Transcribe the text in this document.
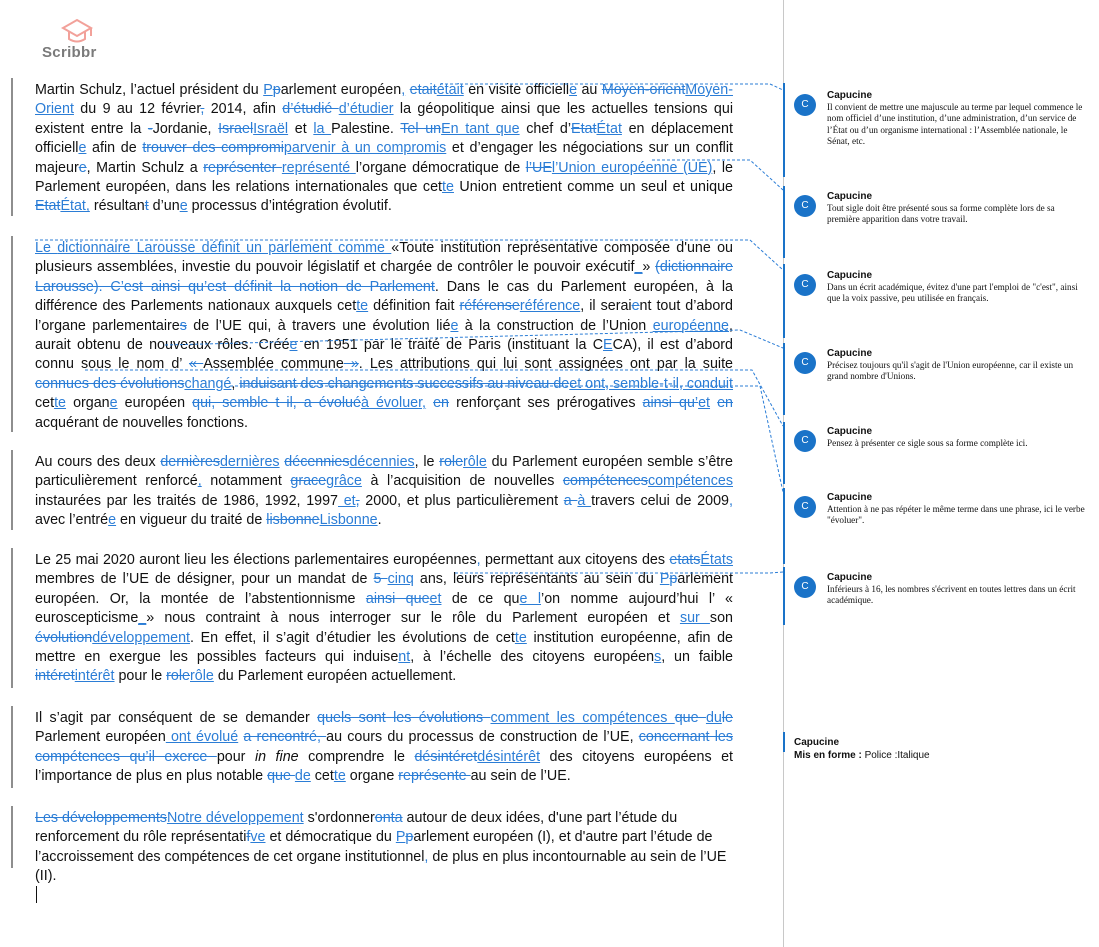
Scribbr
Martin Schulz, l’actuel président du Pparlement européen, etaitétait en visite officielle au Moyen-orientMoyen-Orient du 9 au 12 février, 2014, afin d’étudié d’étudier la géopolitique ainsi que les actuelles tensions qui existent entre la -Jordanie, IsraelIsraël et la Palestine. Tel unEn tant que chef d’EtatÉtat en déplacement officielle afin de trouver des compromiparvenir à un compromis et d’engager les négociations sur un conflit majeure, Martin Schulz a représenter représenté l’organe démocratique de l’UEl’Union européenne (UE), le Parlement européen, dans les relations internationales que cette Union entretient comme un seul et unique EtatÉtat, résultant d’une processus d’intégration évolutif.
Le dictionnaire Larousse définit un parlement comme «Toute institution représentative composée d'une ou plusieurs assemblées, investie du pouvoir législatif et chargée de contrôler le pouvoir exécutif_» (dictionnaire Larousse). C’est ainsi qu’est définit la notion de Parlement. Dans le cas du Parlement européen, à la différence des Parlements nationaux auxquels cette définition fait référenseréférence, il seraient tout d’abord l’organe parlementaires de l’UE qui, à travers une évolution liée à la construction de l’Union européenne, aurait obtenu de nouveaux rôles. Créée en 1951 par le traité de Paris (instituant la CECA), il est d’abord connu sous le nom d’ « Assemblée commune ». Les attributions qui lui sont assignées ont par la suite connues des évolutionschangé, induisant des changements successifs au niveau deet ont, semble-t-il, conduit cette organe européen qui, semble t il, a évoluéà évoluer, en renforçant ses prérogatives ainsi qu’et en acquérant de nouvelles fonctions.
Au cours des deux dernièresdernières décenniesdécennies, le rolerôle du Parlement européen semble s’être particulièrement renforcé, notamment gracegrâce à l’acquisition de nouvelles compétencescompétences instaurées par les traités de 1986, 1992, 1997 et, 2000, et plus particulièrement a à travers celui de 2009, avec l’entrée en vigueur du traité de lisbonneLisbonne.
Le 25 mai 2020 auront lieu les élections parlementaires européennes, permettant aux citoyens des etatsÉtats membres de l’UE de désigner, pour un mandat de 5 cinq ans, leurs représentants au sein du Pparlement européen. Or, la montée de l’abstentionnisme ainsi queet de ce que l’on nomme aujourd’hui l’ « euroscepticisme_» nous contraint à nous interroger sur le rôle du Parlement européen et sur son évolutiondéveloppement. En effet, il s’agit d’étudier les évolutions de cette institution européenne, afin de mettre en exergue les possibles facteurs qui induisent, à l’échelle des citoyens européens, un faible intéretintérêt pour le rolerôle du Parlement européen actuellement.
Il s’agit par conséquent de se demander quels sont les évolutions comment les compétences que dule Parlement européen ont évolué a rencontré, au cours du processus de construction de l’UE, concernant les compétences qu’il exerce pour in fine comprendre le désintéretdésintérêt des citoyens européens et l’importance de plus en plus notable que de cette organe représente au sein de l’UE.
Les développementsNotre développement s'ordonneronta autour de deux idées, d'une part l’étude du renforcement du rôle représentatifve et démocratique du Pparlement européen (I), et d'autre part l’étude de l’accroissement des compétences de cet organe institutionnel, de plus en plus incontournable au sein de l’UE (II).
C
Capucine
Il convient de mettre une majuscule au terme par lequel commence le nom officiel d’une institution, d’une administration, d’un service de l’État ou d’un organisme international : l’Assemblée nationale, le Sénat, etc.
C
Capucine
Tout sigle doit être présenté sous sa forme complète lors de sa première apparition dans votre travail.
C
Capucine
Dans un écrit académique, évitez d'une part l'emploi de "c'est", ainsi que la voix passive, peu utilisée en français.
C
Capucine
Précisez toujours qu'il s'agit de l'Union européenne, car il existe un grand nombre d'Unions.
C
Capucine
Pensez à présenter ce sigle sous sa forme complète ici.
C
Capucine
Attention à ne pas répéter le même terme dans une phrase, ici le verbe "évoluer".
C
Capucine
Inférieurs à 16, les nombres s'écrivent en toutes lettres dans un écrit académique.
Capucine
Mis en forme : Police :Italique
